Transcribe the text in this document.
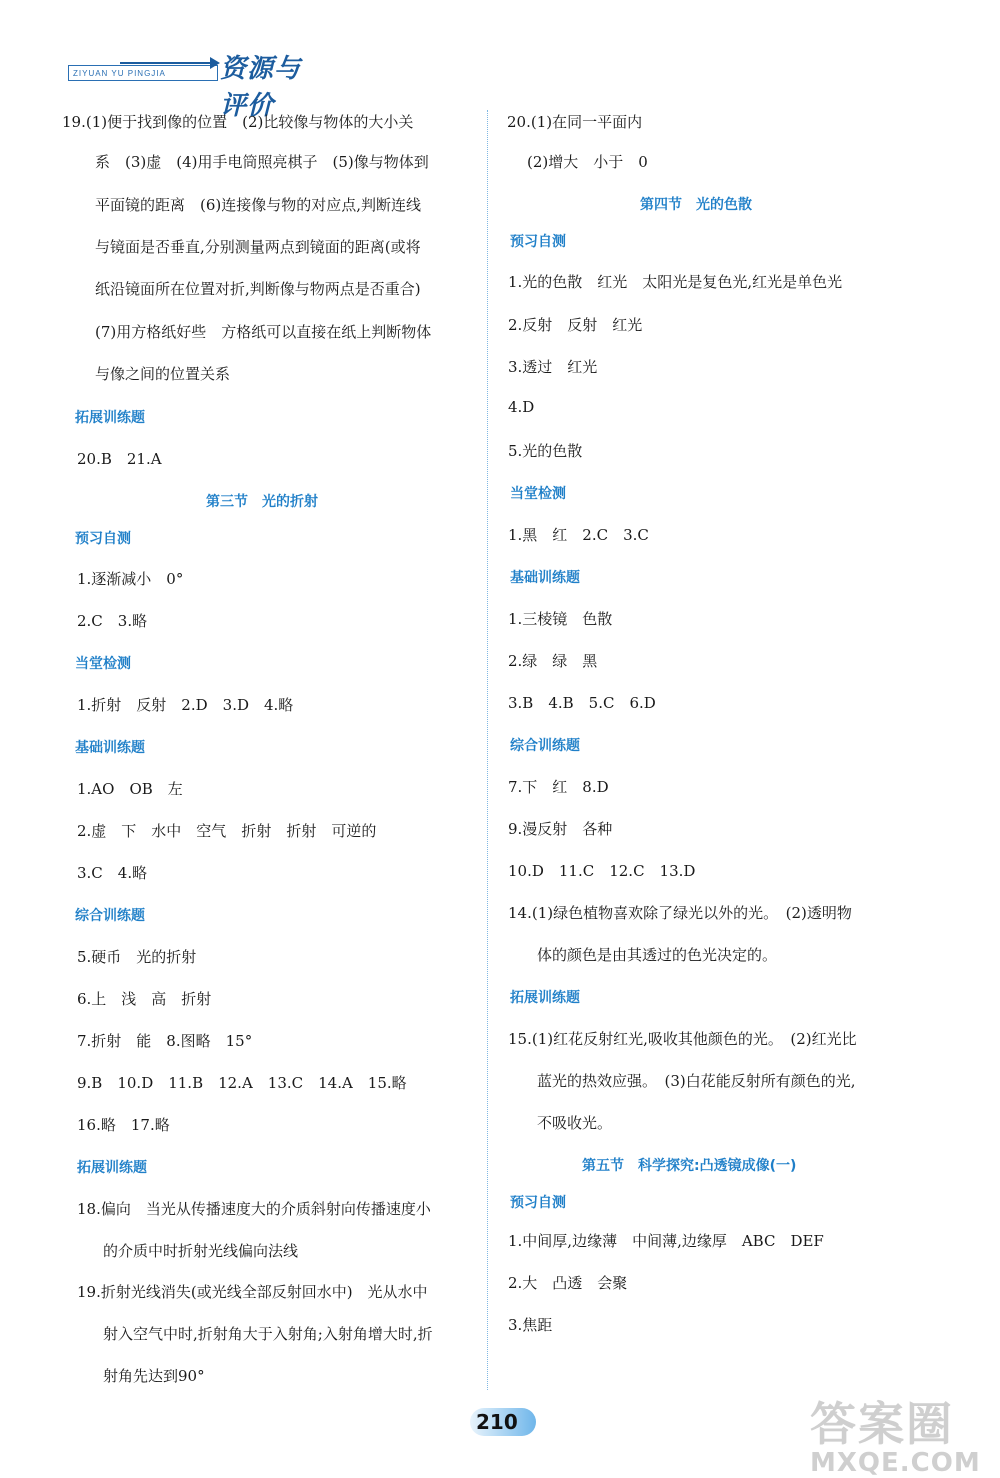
ZIYUAN YU PINGJIA	资源与评价
19.(1)便于找到像的位置　(2)比较像与物体的大小关
系　(3)虚　(4)用手电筒照亮棋子　(5)像与物体到
平面镜的距离　(6)连接像与物的对应点,判断连线
与镜面是否垂直,分别测量两点到镜面的距离(或将
纸沿镜面所在位置对折,判断像与物两点是否重合)
(7)用方格纸好些　方格纸可以直接在纸上判断物体
与像之间的位置关系
拓展训练题
20.B　21.A
第三节　光的折射
预习自测
1.逐渐减小　0°
2.C　3.略
当堂检测
1.折射　反射　2.D　3.D　4.略
基础训练题
1.AO　OB　左
2.虚　下　水中　空气　折射　折射　可逆的
3.C　4.略
综合训练题
5.硬币　光的折射
6.上　浅　高　折射
7.折射　能　8.图略　15°
9.B　10.D　11.B　12.A　13.C　14.A　15.略
16.略　17.略
拓展训练题
18.偏向　当光从传播速度大的介质斜射向传播速度小
的介质中时折射光线偏向法线
19.折射光线消失(或光线全部反射回水中)　光从水中
射入空气中时,折射角大于入射角;入射角增大时,折
射角先达到90°
20.(1)在同一平面内
(2)增大　小于　0
第四节　光的色散
预习自测
1.光的色散　红光　太阳光是复色光,红光是单色光
2.反射　反射　红光
3.透过　红光
4.D
5.光的色散
当堂检测
1.黑　红　2.C　3.C
基础训练题
1.三棱镜　色散
2.绿　绿　黑
3.B　4.B　5.C　6.D
综合训练题
7.下　红　8.D
9.漫反射　各种
10.D　11.C　12.C　13.D
14.(1)绿色植物喜欢除了绿光以外的光。　(2)透明物
体的颜色是由其透过的色光决定的。
拓展训练题
15.(1)红花反射红光,吸收其他颜色的光。　(2)红光比
蓝光的热效应强。　(3)白花能反射所有颜色的光,
不吸收光。
第五节　科学探究:凸透镜成像(一)
预习自测
1.中间厚,边缘薄　中间薄,边缘厚　ABC　DEF
2.大　凸透　会聚
3.焦距
210	答案圈
MXQE.COM
